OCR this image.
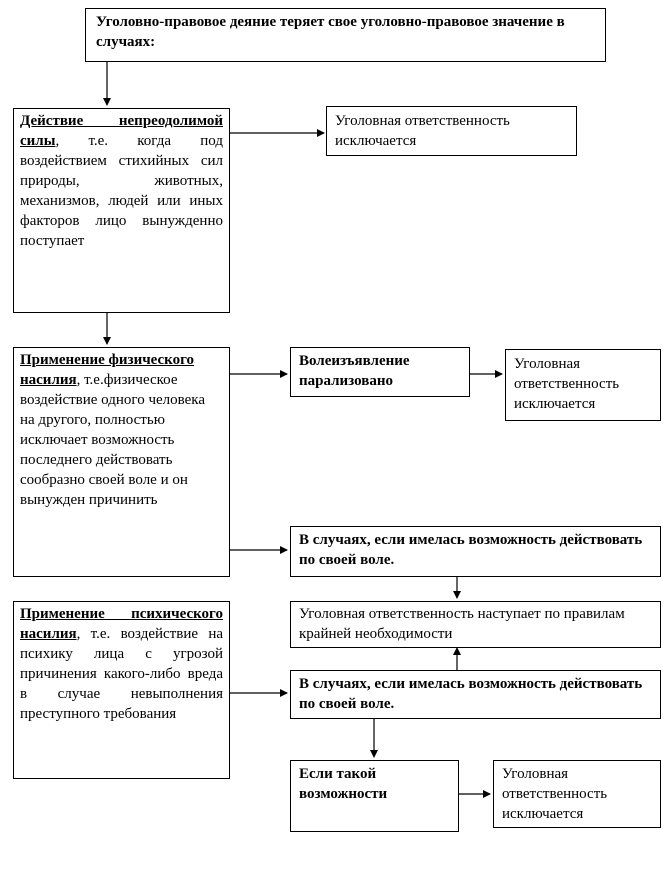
Уголовно-правовое деяние теряет свое уголовно-правовое значение в случаях:
Действие непреодолимой силы, т.е. когда под воздействием стихийных сил природы, животных, механизмов, людей или иных факторов лицо вынужденно поступает
Уголовная ответственность исключается
Применение физического насилия, т.е.физическое воздействие одного человека на другого, полностью исключает возможность последнего действовать сообразно своей воле и он вынужден причинить
Волеизъявление парализовано
Уголовная ответственность исключается
В случаях, если имелась возможность действовать по своей воле.
Уголовная ответственность наступает по правилам крайней необходимости
Применение психического насилия, т.е. воздействие на психику лица с угрозой причинения какого-либо вреда в случае невыполнения преступного требования
В случаях, если имелась возможность действовать по своей воле.
Если такой возможности
Уголовная ответственность исключается
